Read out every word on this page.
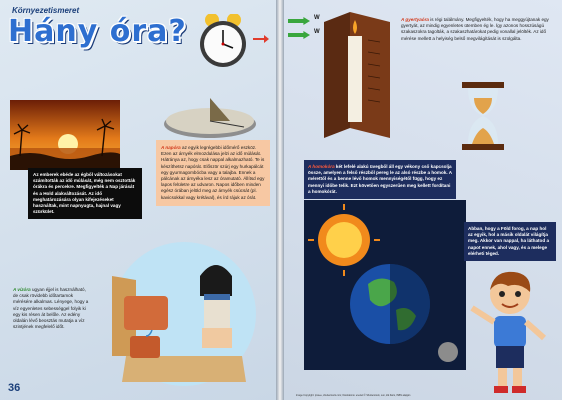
Környezetismeret
Hány óra?
Az emberek ebéde az égből változásokat számították az idő múlását, még nem osztották órákra és percekre. Megfigyelték a Nap járását és a Hold alakváltozását. Az idő meghatározására olyan kifejezéseket használtak, mint napnyugta, hajnal vagy szürkület.
A napóra az egyik legrégebbi időmérő eszköz. Ezen az árnyék elmozdulása jelzi az idő múlását. Hátránya az, hogy csak nappal alkalmazható. Te is készíthetsz napórát. Először szúrj egy hurkapálcát egy gyurmagombócba vagy a talajba. Ennek a pálcának az árnyéka lesz az óramutató. Állítsd egy lapos felületre az udvaron. Napos időben minden egész órában jelöld meg az árnyék csúcsát (pl. kavicsokkal vagy krétával), és írd rájuk az órát.
A vízóra ugyan éjjel is használható, de csak rövidebb időtartamok mérésére alkalmas. Lényege, hogy a víz egyenletes sebességgel folyik ki egy kis résen át belőle. Az edény oldalán lévő beosztás mutatja a víz szintjének megfelelő időt.
36
W
W
A gyertyaóra is régi találmány. Megfigyelték, hogy ha meggyújtanak egy gyertyát, az mindig egyenletes ütemben ég le. Így azonos hosszúságú szakaszokra tagolták, a szakaszhatárokat pedig vonallal jelölték. Az idő mérése mellett a helyiség belső megvilágítását is szolgálta.
A homokóra két lefelé alakú üvegből áll egy vékony cső kapcsolja össze, amelyen a felső részből pereg le az alsó részbe a homok. A mérettől és a benne lévő homok mennyiségétől függ, hogy ez mennyi időbe telik. Ezt követően egyszerűen meg kellett fordítani a homokórát.
Abban, hogy a Föld forog, a nap hol az egyik, hol a másik oldalát világítja meg. Akkor van nappal, ha láthatod a napot ennek, ahol vagy, és a melege elérheti téged.
Image Copyright: pixsee, shutterstock.com; Illustrations: eredeti © Shutterstock, sun, klk Zaris, ISBN alapján
